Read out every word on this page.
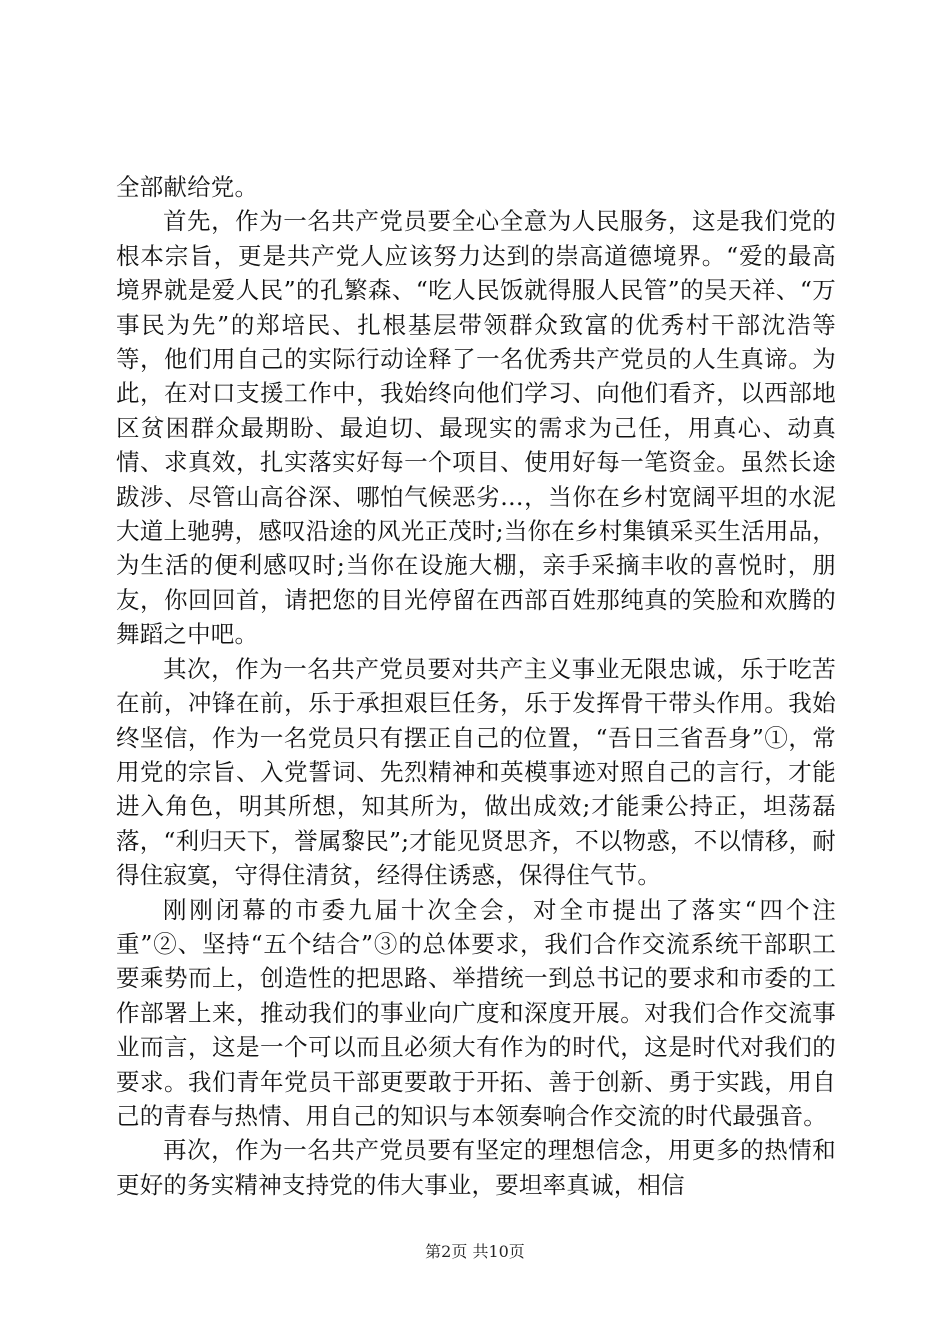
全部献给党。

首先，作为一名共产党员要全心全意为人民服务，这是我们党的根本宗旨，更是共产党人应该努力达到的崇高道德境界。“爱的最高境界就是爱人民”的孔繁森、“吃人民饭就得服人民管”的吴天祥、“万事民为先”的郑培民、扎根基层带领群众致富的优秀村干部沈浩等等，他们用自己的实际行动诠释了一名优秀共产党员的人生真谛。为此，在对口支援工作中，我始终向他们学习、向他们看齐，以西部地区贫困群众最期盼、最迫切、最现实的需求为己任，用真心、动真情、求真效，扎实落实好每一个项目、使用好每一笔资金。虽然长途跋涉、尽管山高谷深、哪怕气候恶劣…，当你在乡村宽阔平坦的水泥大道上驰骋，感叹沿途的风光正茂时;当你在乡村集镇采买生活用品，为生活的便利感叹时;当你在设施大棚，亲手采摘丰收的喜悦时，朋友，你回回首，请把您的目光停留在西部百姓那纯真的笑脸和欢腾的舞蹈之中吧。

其次，作为一名共产党员要对共产主义事业无限忠诚，乐于吃苦在前，冲锋在前，乐于承担艰巨任务，乐于发挥骨干带头作用。我始终坚信，作为一名党员只有摆正自己的位置，“吾日三省吾身”①，常用党的宗旨、入党誓词、先烈精神和英模事迹对照自己的言行，才能进入角色，明其所想，知其所为，做出成效;才能秉公持正，坦荡磊落，“利归天下，誉属黎民”;才能见贤思齐，不以物惑，不以情移，耐得住寂寞，守得住清贫，经得住诱惑，保得住气节。

刚刚闭幕的市委九届十次全会，对全市提出了落实“四个注重”②、坚持“五个结合”③的总体要求，我们合作交流系统干部职工要乘势而上，创造性的把思路、举措统一到总书记的要求和市委的工作部署上来，推动我们的事业向广度和深度开展。对我们合作交流事业而言，这是一个可以而且必须大有作为的时代，这是时代对我们的要求。我们青年党员干部更要敢于开拓、善于创新、勇于实践，用自己的青春与热情、用自己的知识与本领奏响合作交流的时代最强音。

再次，作为一名共产党员要有坚定的理想信念，用更多的热情和更好的务实精神支持党的伟大事业，要坦率真诚，相信

第2页 共10页
